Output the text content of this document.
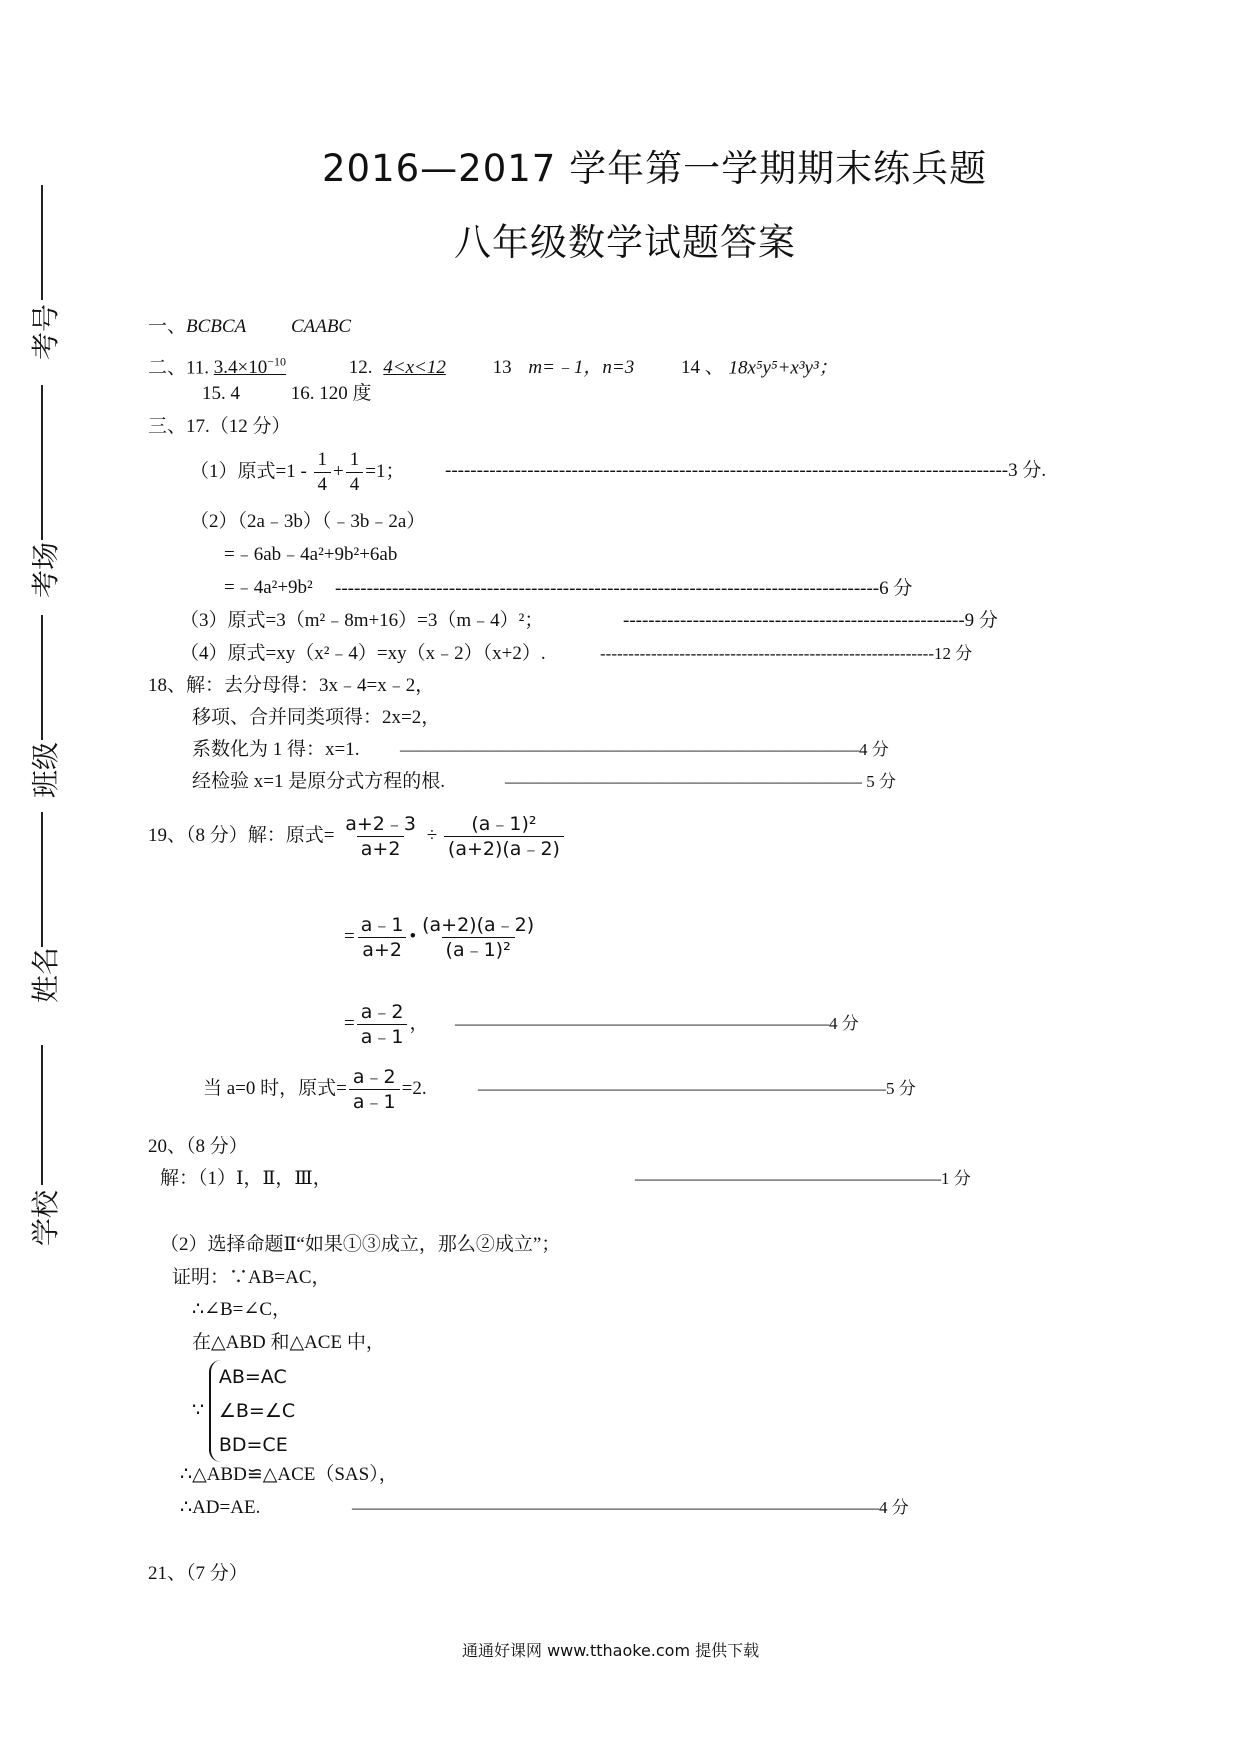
考号
考场
班级
姓名
学校
2016—2017 学年第一学期期末练兵题
八年级数学试题答案
一、BCBCA CAABC
二、11. $3.4\times 10^{-10}$	12. 4<x<12 13 m=﹣1，n=3 14 、 18x⁵y⁵+x³y³；
15. 4	16. 120 度
三、17.（12 分）
（1）原式$=1 - \frac{1}{4} + \frac{1}{4} =1$； -----------------------------------------------------------------------------------------3 分.
（2）（2a﹣3b）（﹣3b﹣2a）
=﹣6ab﹣4a²+9b²+6ab
=﹣4a²+9b² --------------------------------------------------------------------------------------6 分
（3）原式=3（m²﹣8m+16）=3（m﹣4）²；	------------------------------------------------------9 分
（4）原式=xy（x²﹣4）=xy（x﹣2）（x+2）.	-----------------------------------------------------------12 分
18、解：去分母得：3x﹣4=x﹣2，
移项、合并同类项得：2x=2，
系数化为 1 得：x=1. ———————————————————————————4 分
经检验 x=1 是原分式方程的根.	————————————————————— 5 分
19、（8 分）解：原式= $\frac{a+2﹣3}{a+2} \div \frac{\text{(a﹣1)²}}{(a+2)(a﹣2)}$
= $\frac{a﹣1}{a+2}$ • $\frac{(a+2)(a﹣2)}{\text{(a﹣1)²}}$
= $\frac{a﹣2}{a﹣1}$ ， ——————————————————————4 分
当 a=0 时，原式= $\frac{a﹣2}{a﹣1} =2$.	————————————————————————5 分
20、（8 分）
解：（1）Ⅰ，Ⅱ，Ⅲ，	——————————————————1 分
（2）选择命题Ⅱ“如果①③成立，那么②成立”；
证明：∵AB=AC，
∴∠B=∠C，
在△ABD 和△ACE 中，
∵
AB=AC
∠B=∠C
BD=CE
∴△ABD≌△ACE（SAS），
∴AD=AE.	———————————————————————————————4 分
21、（7 分）
通通好课网 www.tthaoke.com 提供下载
